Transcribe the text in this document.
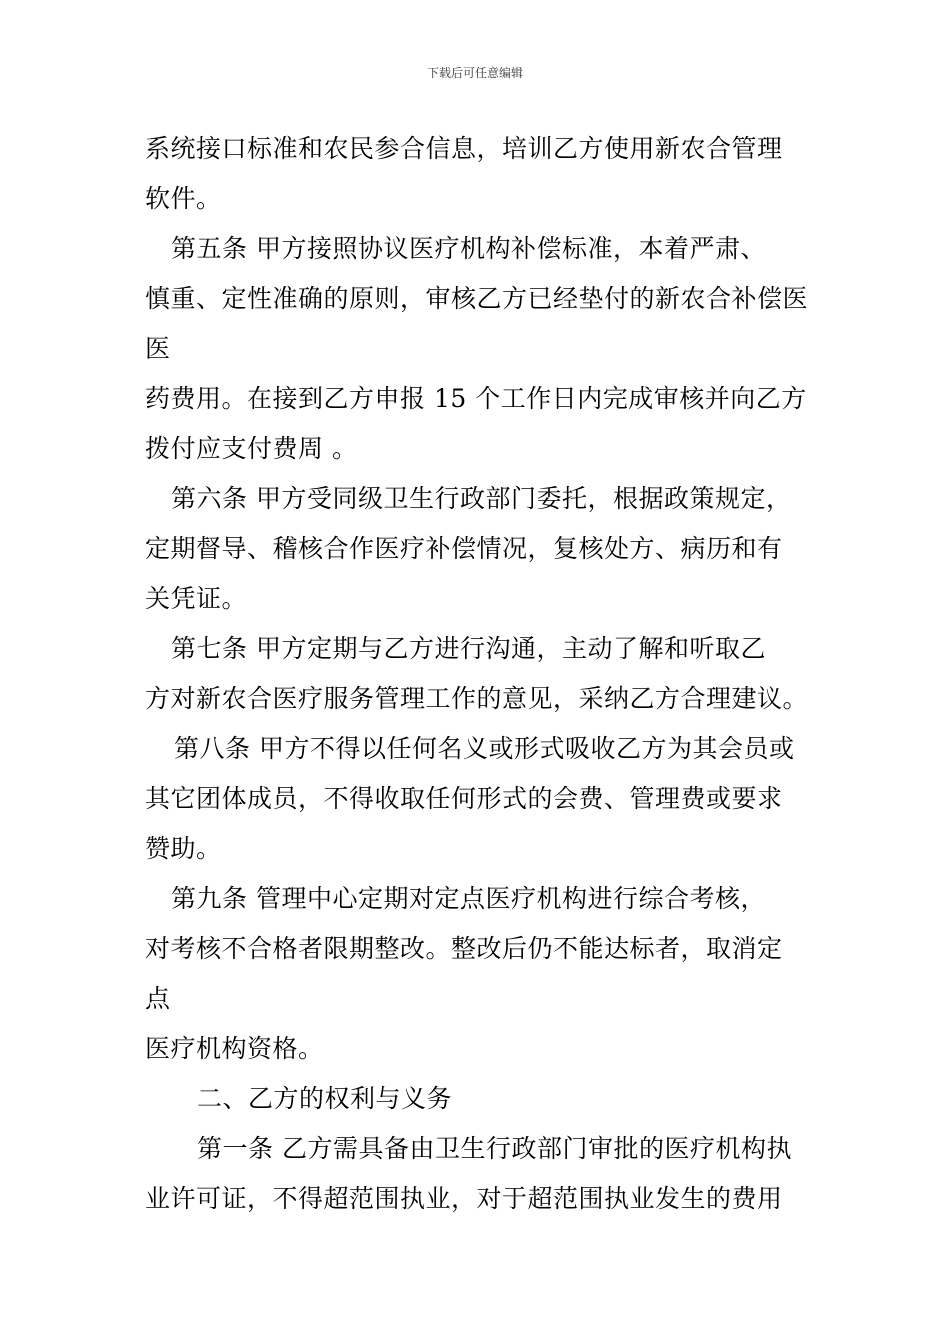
下载后可任意编辑
系统接口标准和农民参合信息，培训乙方使用新农合管理
软件。
第五条 甲方接照协议医疗机构补偿标准，本着严肃、
慎重、定性准确的原则，审核乙方已经垫付的新农合补偿医
医
药费用。在接到乙方申报 15 个工作日内完成审核并向乙方
拨付应支付费周 。
第六条 甲方受同级卫生行政部门委托，根据政策规定，
定期督导、稽核合作医疗补偿情况，复核处方、病历和有
关凭证。
第七条 甲方定期与乙方进行沟通，主动了解和听取乙
方对新农合医疗服务管理工作的意见，采纳乙方合理建议。
第八条 甲方不得以任何名义或形式吸收乙方为其会员或
其它团体成员，不得收取任何形式的会费、管理费或要求
赞助。
第九条 管理中心定期对定点医疗机构进行综合考核，
对考核不合格者限期整改。整改后仍不能达标者，取消定
点
医疗机构资格。
二、乙方的权利与义务
第一条 乙方需具备由卫生行政部门审批的医疗机构执
业许可证，不得超范围执业，对于超范围执业发生的费用
